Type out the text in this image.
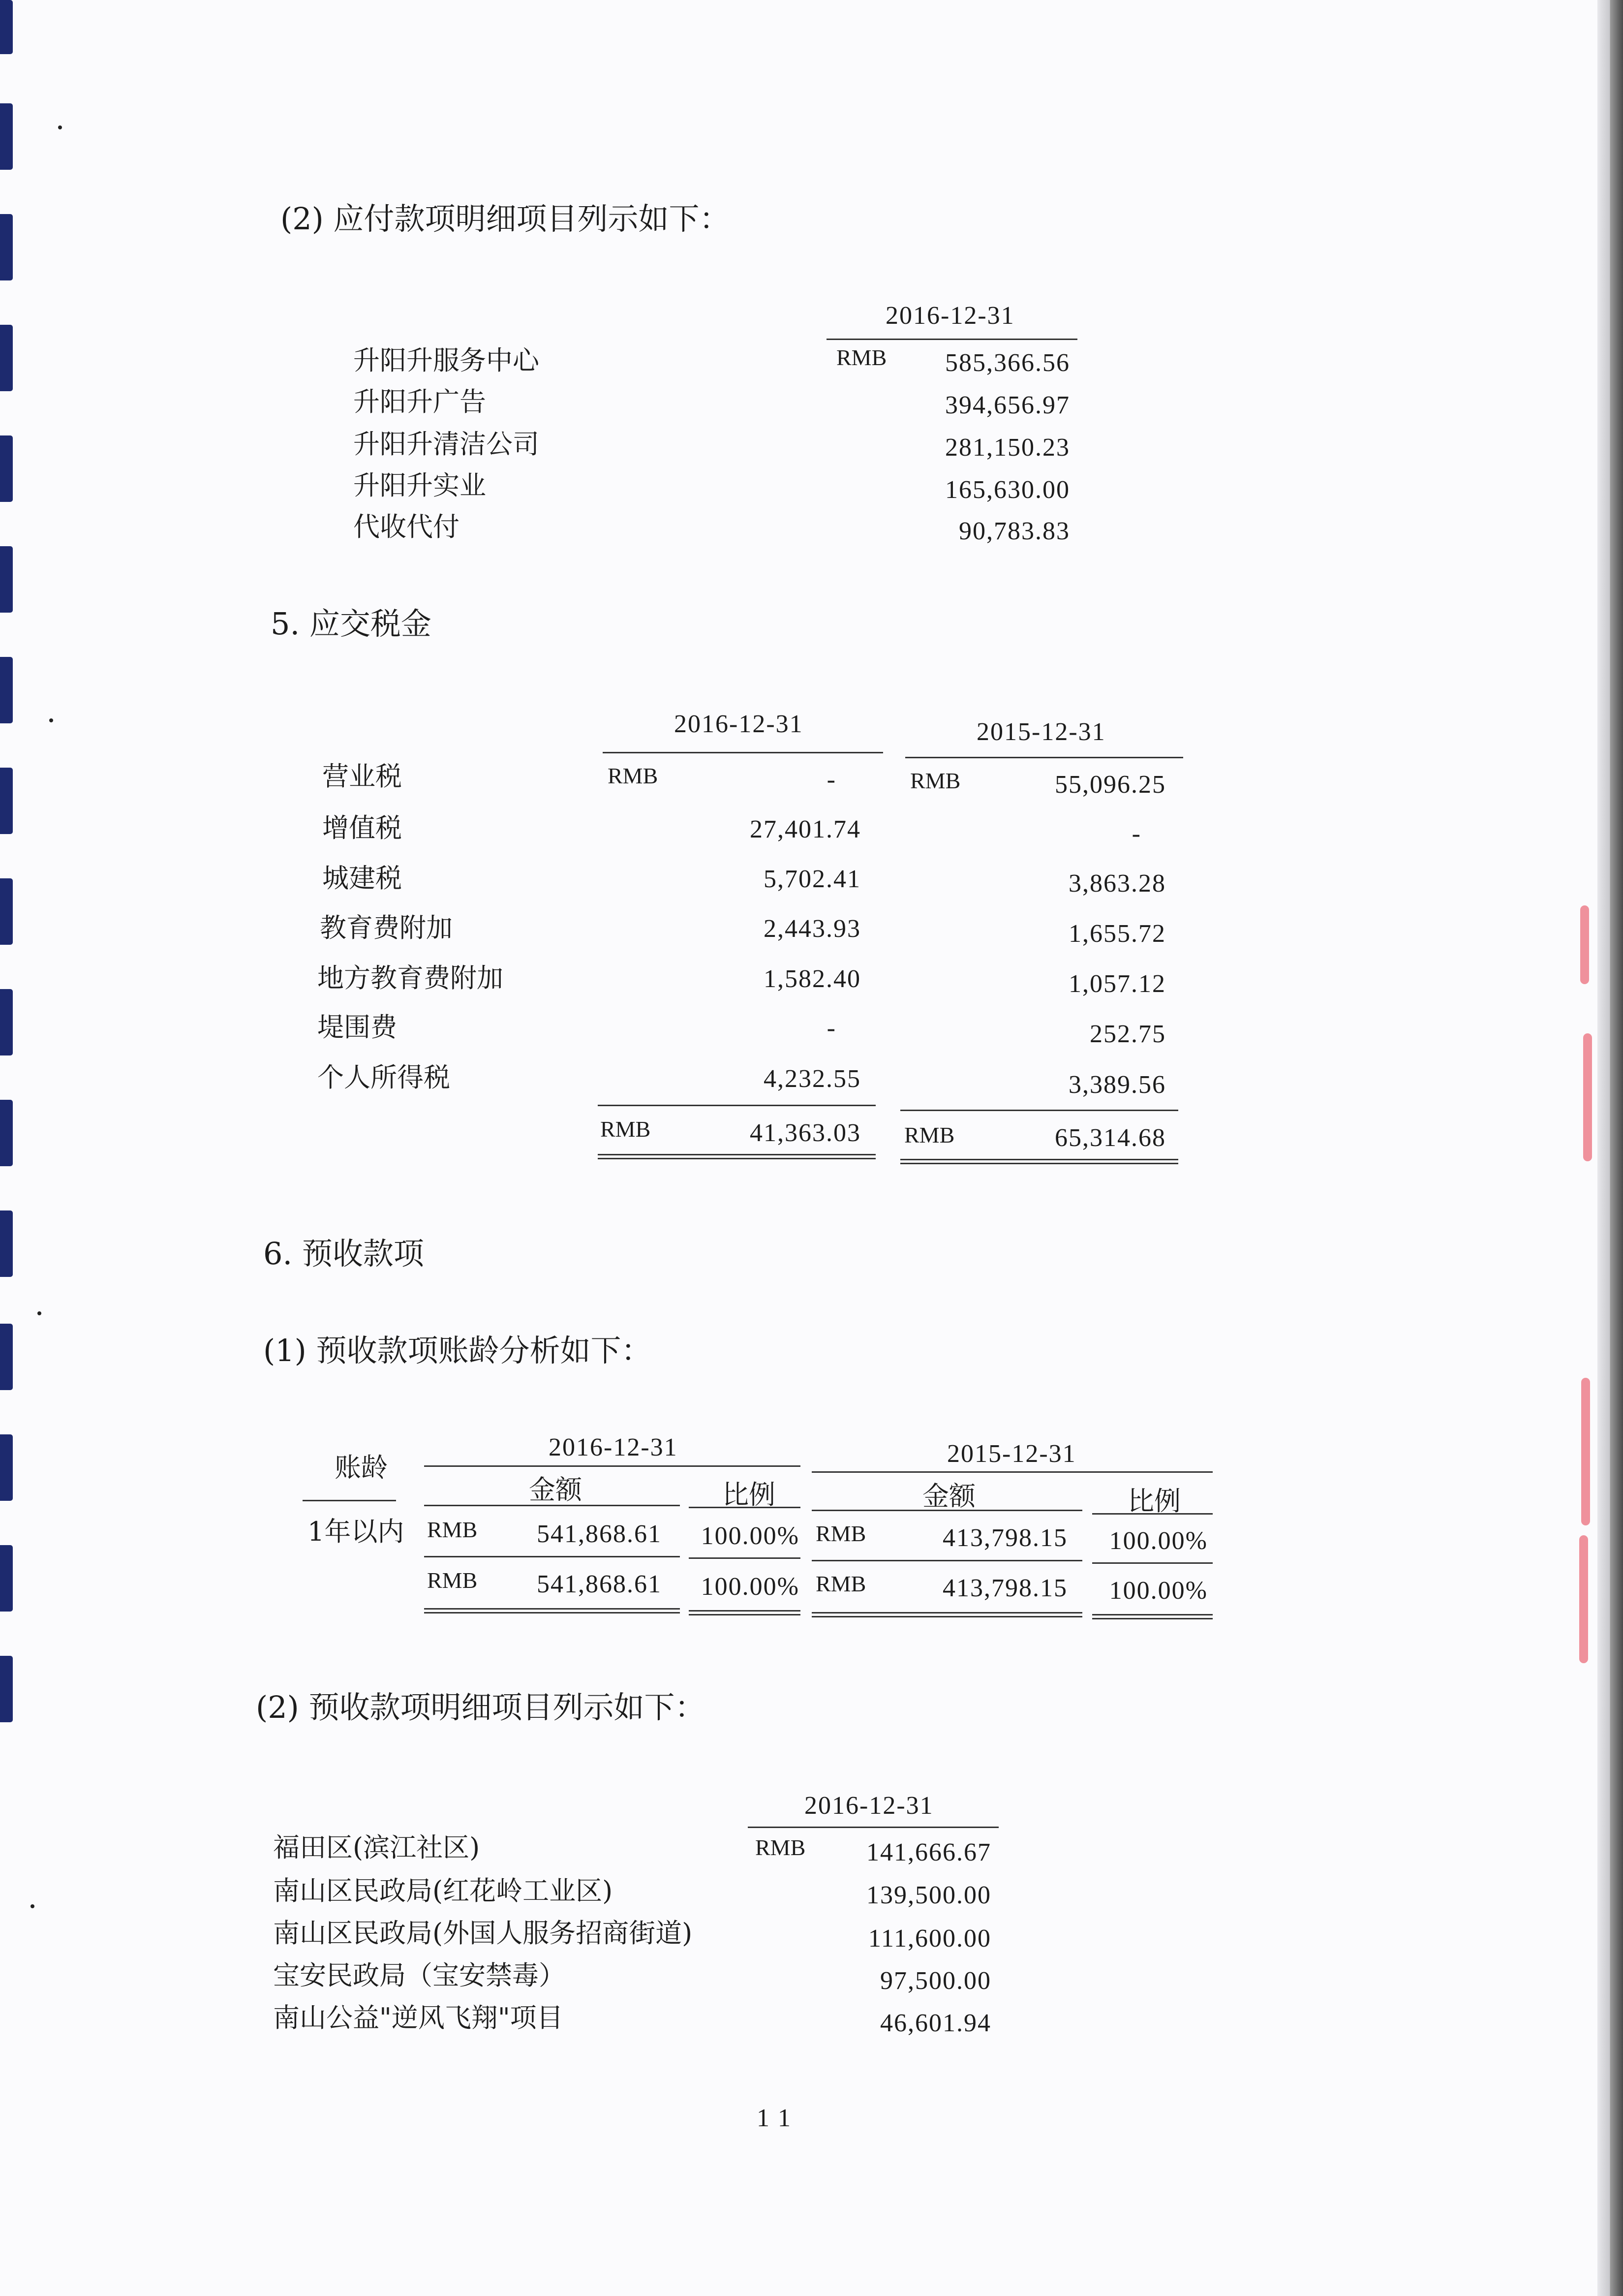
(2) 应付款项明细项目列示如下：
2016-12-31
升阳升服务中心	RMB	585,366.56
升阳升广告	394,656.97
升阳升清洁公司	281,150.23
升阳升实业	165,630.00
代收代付	90,783.83
5. 应交税金
2016-12-31	2015-12-31
营业税	RMB	-	RMB	55,096.25
增值税	27,401.74	-
城建税	5,702.41	3,863.28
教育费附加	2,443.93	1,655.72
地方教育费附加	1,582.40	1,057.12
堤围费	-	252.75
个人所得税	4,232.55	3,389.56
RMB	41,363.03 RMB	65,314.68
6. 预收款项
(1) 预收款项账龄分析如下：
账龄
2016-12-31	2015-12-31
金额	比例	金额	比例
1年以内 RMB	541,868.61	100.00% RMB	413,798.15	100.00%
RMB	541,868.61	100.00% RMB	413,798.15	100.00%
(2) 预收款项明细项目列示如下：
2016-12-31
福田区(滨江社区)	RMB	141,666.67
南山区民政局(红花岭工业区)	139,500.00
南山区民政局(外国人服务招商街道)	111,600.00
宝安民政局（宝安禁毒）	97,500.00
南山公益"逆风飞翔"项目	46,601.94
1 1
